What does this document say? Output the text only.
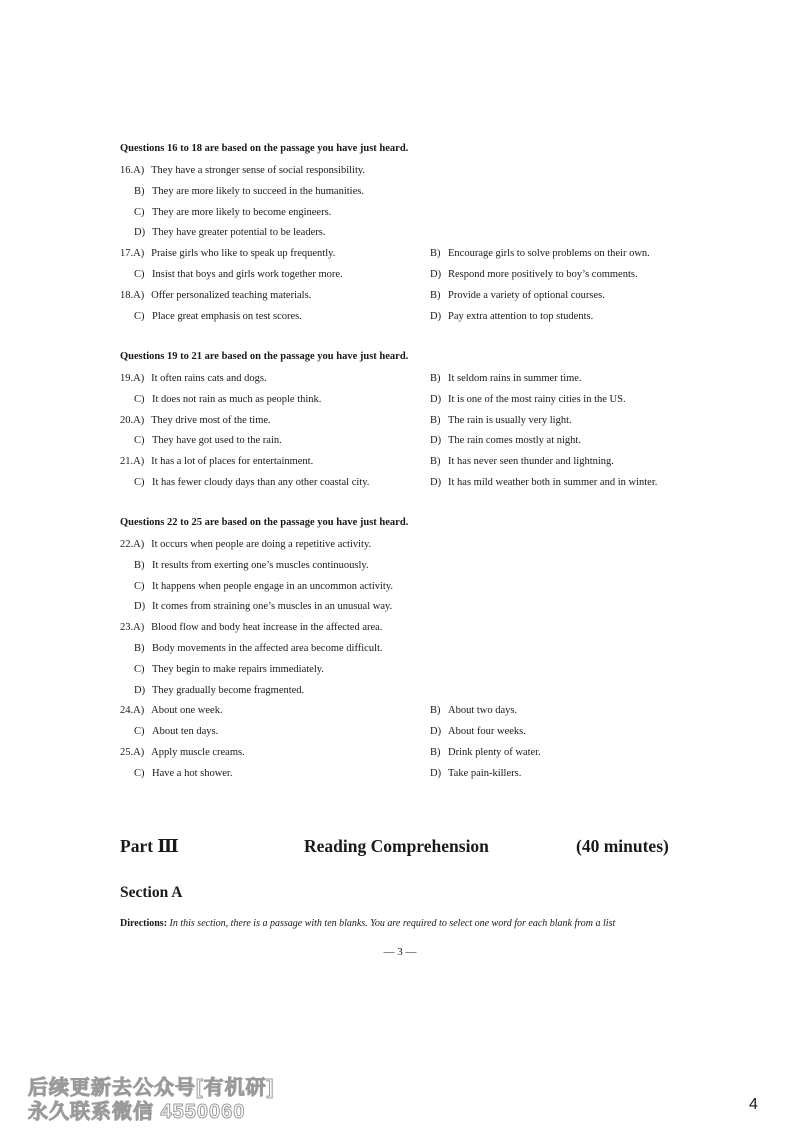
Questions 16 to 18 are based on the passage you have just heard.
16.A) They have a stronger sense of social responsibility.
B) They are more likely to succeed in the humanities.
C) They are more likely to become engineers.
D) They have greater potential to be leaders.
17.A) Praise girls who like to speak up frequently.	B) Encourage girls to solve problems on their own.
C) Insist that boys and girls work together more.	D) Respond more positively to boy’s comments.
18.A) Offer personalized teaching materials.	B) Provide a variety of optional courses.
C) Place great emphasis on test scores.	D) Pay extra attention to top students.
Questions 19 to 21 are based on the passage you have just heard.
19.A) It often rains cats and dogs.	B) It seldom rains in summer time.
C) It does not rain as much as people think.	D) It is one of the most rainy cities in the US.
20.A) They drive most of the time.	B) The rain is usually very light.
C) They have got used to the rain.	D) The rain comes mostly at night.
21.A) It has a lot of places for entertainment.	B) It has never seen thunder and lightning.
C) It has fewer cloudy days than any other coastal city.	D) It has mild weather both in summer and in winter.
Questions 22 to 25 are based on the passage you have just heard.
22.A) It occurs when people are doing a repetitive activity.
B) It results from exerting one’s muscles continuously.
C) It happens when people engage in an uncommon activity.
D) It comes from straining one’s muscles in an unusual way.
23.A) Blood flow and body heat increase in the affected area.
B) Body movements in the affected area become difficult.
C) They begin to make repairs immediately.
D) They gradually become fragmented.
24.A) About one week.	B) About two days.
C) About ten days.	D) About four weeks.
25.A) Apply muscle creams.	B) Drink plenty of water.
C) Have a hot shower.	D) Take pain-killers.
Part Ⅲ	Reading Comprehension	(40 minutes)
Section A
Directions: In this section, there is a passage with ten blanks. You are required to select one word for each blank from a list
— 3 —
4
后续更新去公众号[有机研]
永久联系微信 4550060
